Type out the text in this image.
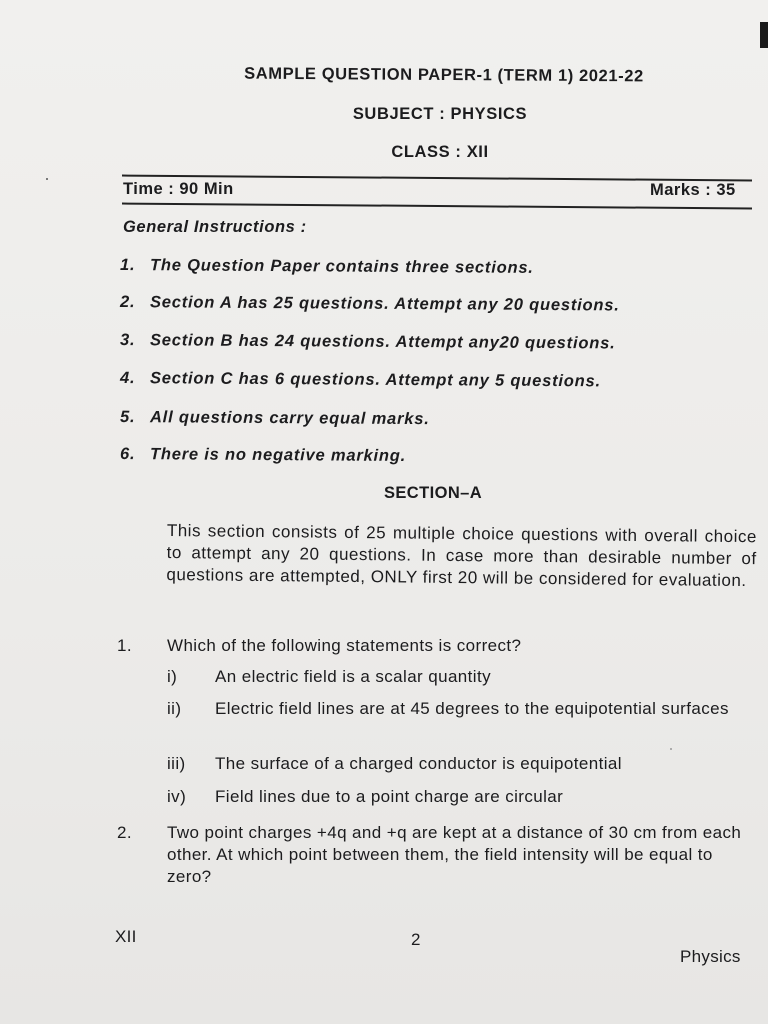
SAMPLE QUESTION PAPER-1 (TERM 1) 2021-22
SUBJECT : PHYSICS
CLASS : XII
Time : 90 Min	Marks : 35
General Instructions :
1. The Question Paper contains three sections.
2. Section A has 25 questions. Attempt any 20 questions.
3. Section B has 24 questions. Attempt any20 questions.
4. Section C has 6 questions. Attempt any 5 questions.
5. All questions carry equal marks.
6. There is no negative marking.
SECTION–A
This section consists of 25 multiple choice questions with overall choice to attempt any 20 questions. In case more than desirable number of questions are attempted, ONLY first 20 will be considered for evaluation.
1. Which of the following statements is correct?
i) An electric field is a scalar quantity
ii) Electric field lines are at 45 degrees to the equipotential surfaces
iii) The surface of a charged conductor is equipotential
iv) Field lines due to a point charge are circular
2. Two point charges +4q and +q are kept at a distance of 30 cm from each other. At which point between them, the field intensity will be equal to zero?
XII	2
Physics
